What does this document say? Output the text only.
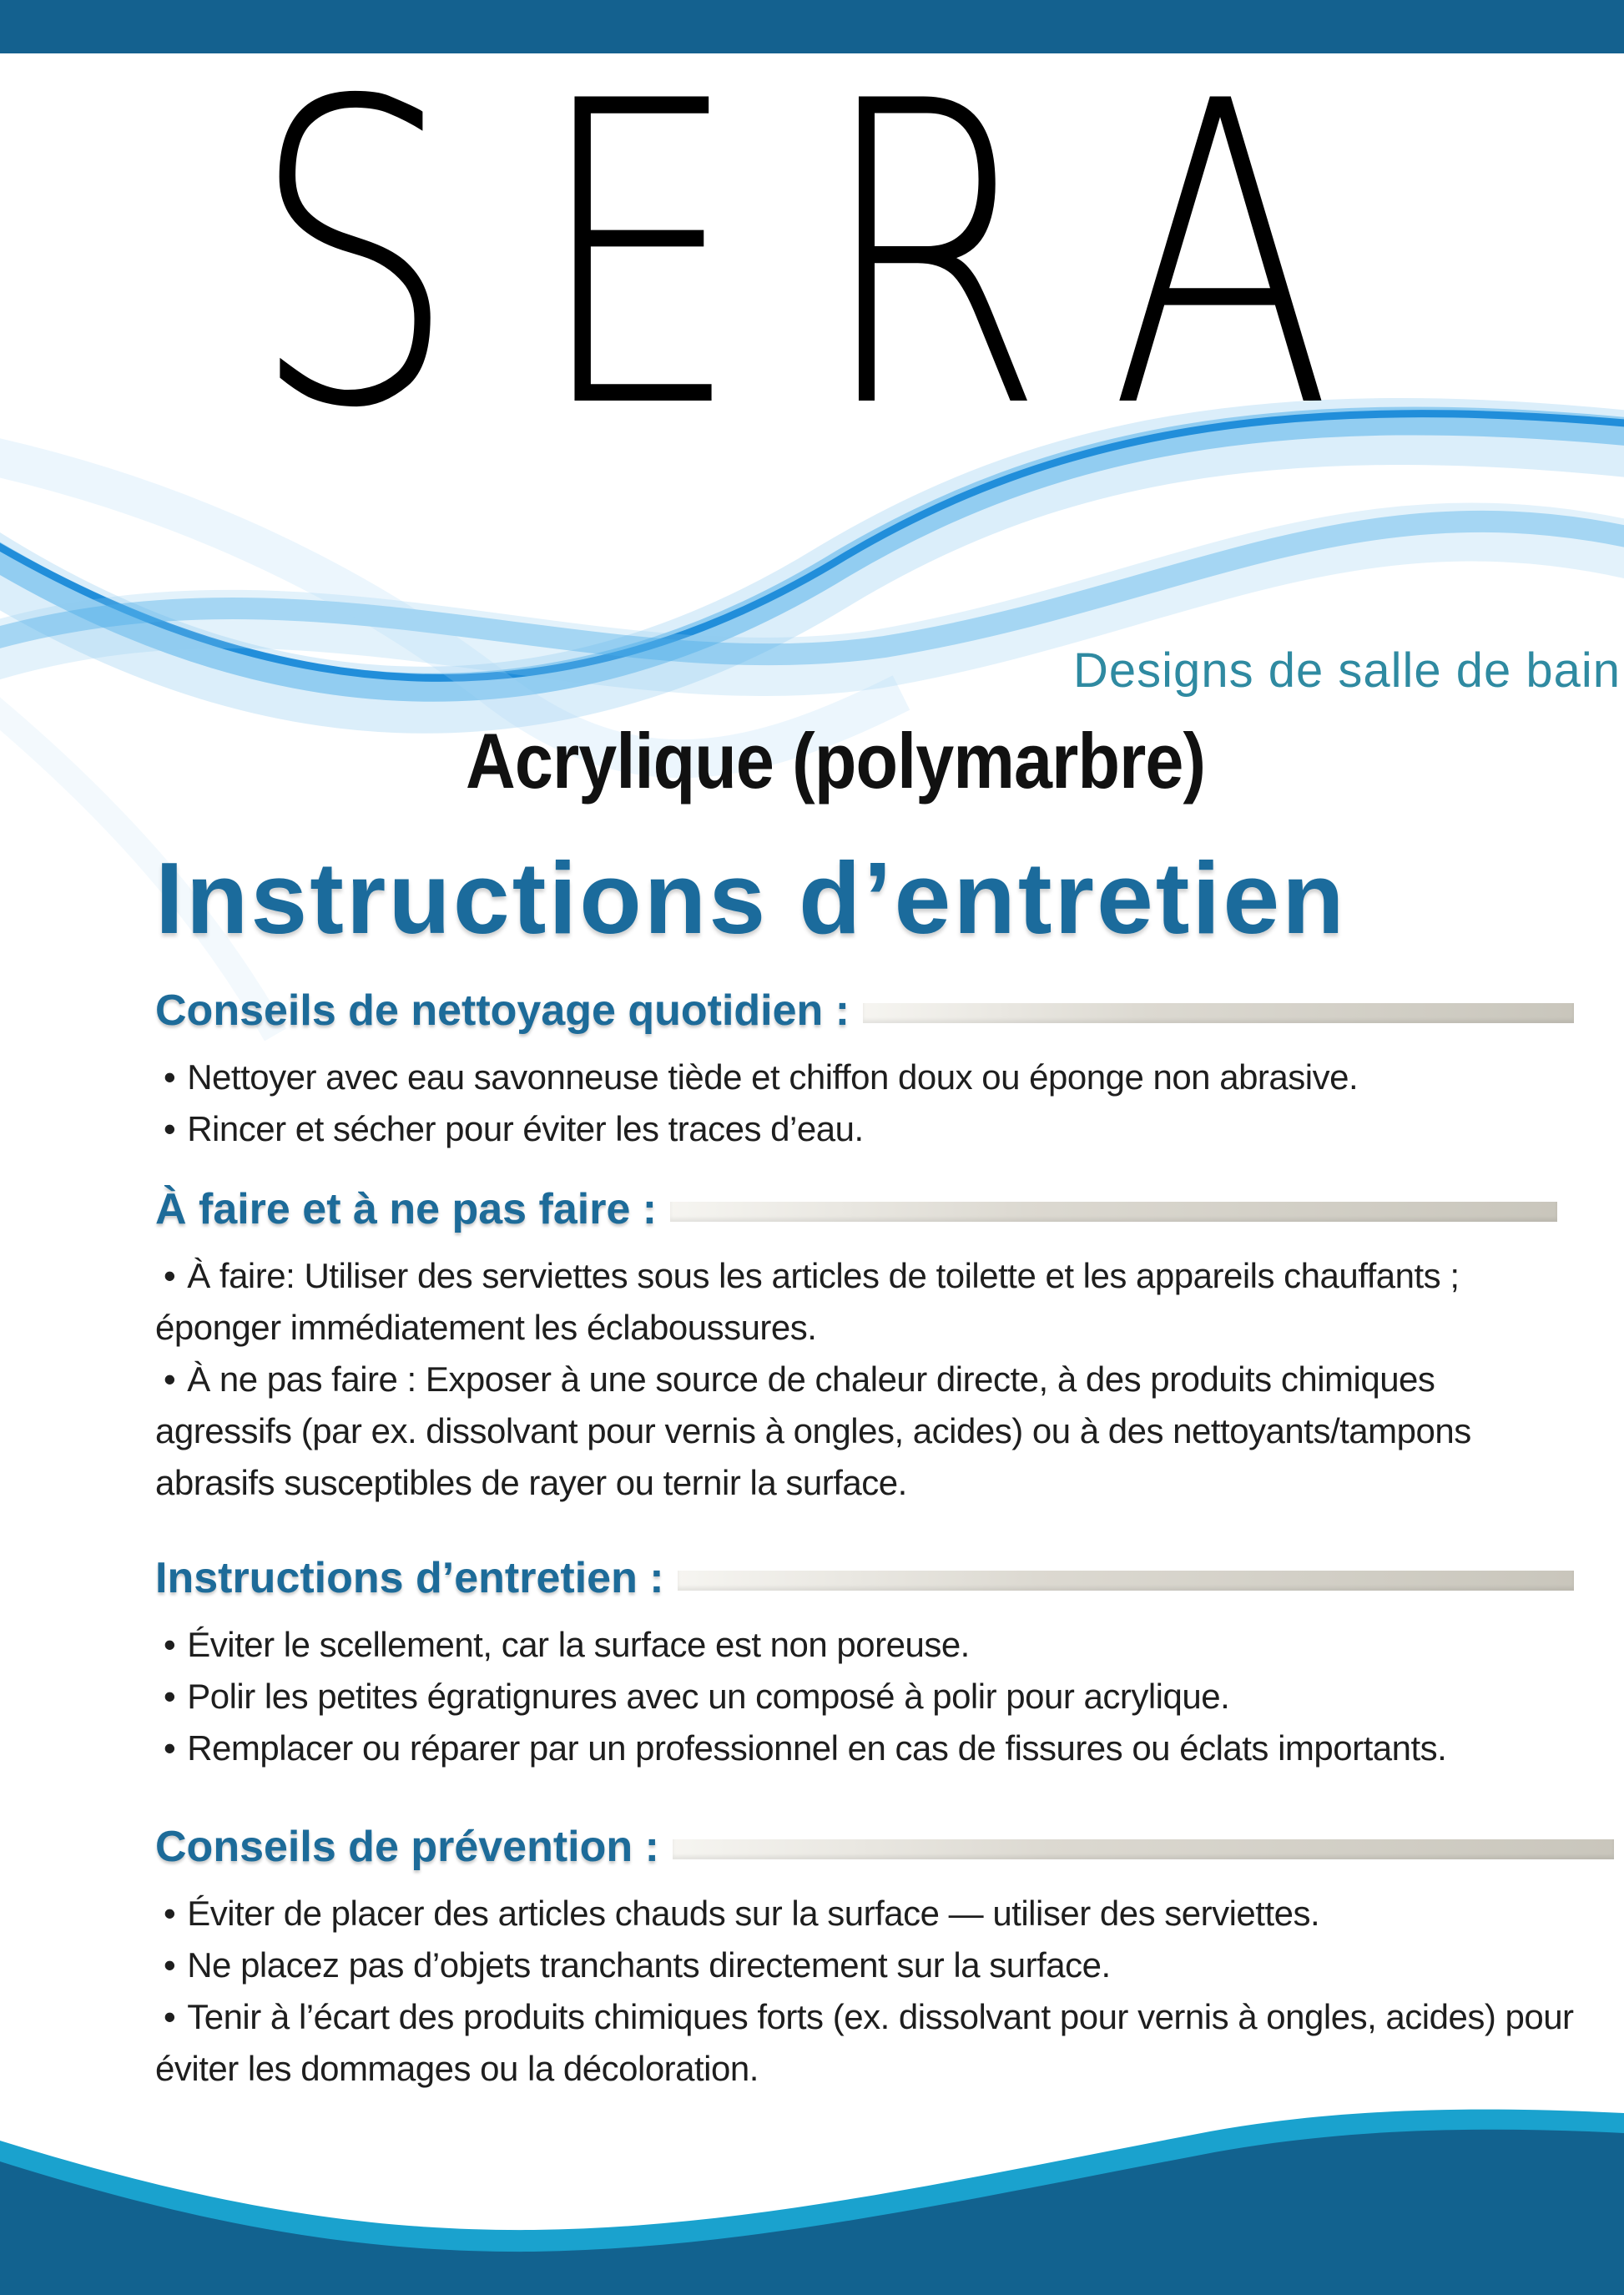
SERA
Designs de salle de bain
Acrylique (polymarbre)
Instructions d’entretien
Conseils de nettoyage quotidien :

• Nettoyer avec eau savonneuse tiède et chiffon doux ou éponge non abrasive.

• Rincer et sécher pour éviter les traces d’eau.

À faire et à ne pas faire :

• À faire: Utiliser des serviettes sous les articles de toilette et les appareils chauffants ; éponger immédiatement les éclaboussures.

• À ne pas faire : Exposer à une source de chaleur directe, à des produits chimiques agressifs (par ex. dissolvant pour vernis à ongles, acides) ou à des nettoyants/tampons abrasifs susceptibles de rayer ou ternir la surface.

Instructions d’entretien :

• Éviter le scellement, car la surface est non poreuse.

• Polir les petites égratignures avec un composé à polir pour acrylique.

• Remplacer ou réparer par un professionnel en cas de fissures ou éclats importants.

Conseils de prévention :

• Éviter de placer des articles chauds sur la surface — utiliser des serviettes.

• Ne placez pas d’objets tranchants directement sur la surface.

• Tenir à l’écart des produits chimiques forts (ex. dissolvant pour vernis à ongles, acides) pour éviter les dommages ou la décoloration.
